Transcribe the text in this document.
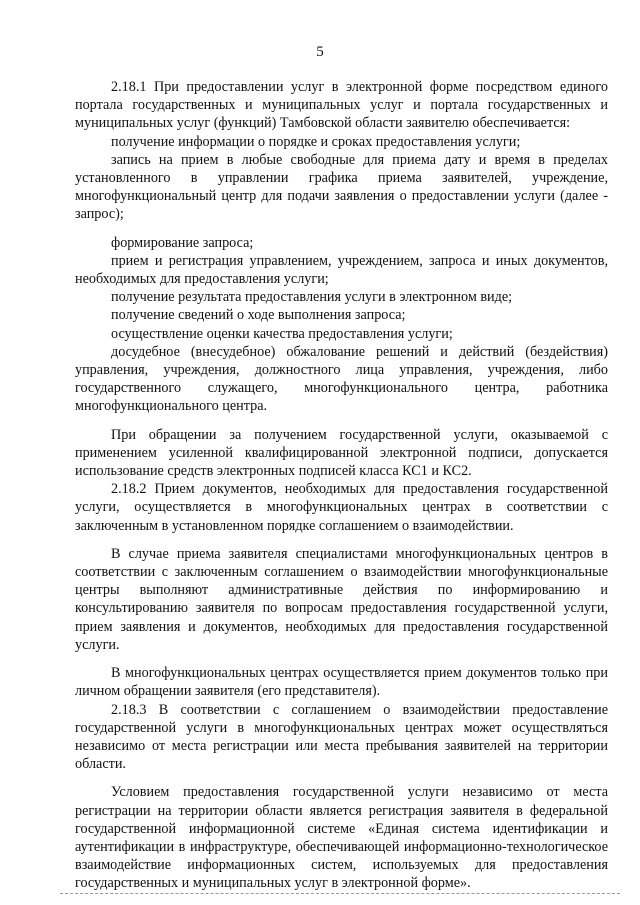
5

2.18.1 При предоставлении услуг в электронной форме посредством единого портала государственных и муниципальных услуг и портала государственных и муниципальных услуг (функций) Тамбовской области заявителю обеспечивается:

получение информации о порядке и сроках предоставления услуги;

запись на прием в любые свободные для приема дату и время в пределах установленного в управлении графика приема заявителей, учреждение, многофункциональный центр для подачи заявления о предоставлении услуги (далее - запрос);

формирование запроса;

прием и регистрация управлением, учреждением, запроса и иных документов, необходимых для предоставления услуги;

получение результата предоставления услуги в электронном виде;

получение сведений о ходе выполнения запроса;

осуществление оценки качества предоставления услуги;

досудебное (внесудебное) обжалование решений и действий (бездействия) управления, учреждения, должностного лица управления, учреждения, либо государственного служащего, многофункционального центра, работника многофункционального центра.

При обращении за получением государственной услуги, оказываемой с применением усиленной квалифицированной электронной подписи, допускается использование средств электронных подписей класса КС1 и КС2.

2.18.2 Прием документов, необходимых для предоставления государственной услуги, осуществляется в многофункциональных центрах в соответствии с заключенным в установленном порядке соглашением о взаимодействии.

В случае приема заявителя специалистами многофункциональных центров в соответствии с заключенным соглашением о взаимодействии многофункциональные центры выполняют административные действия по информированию и консультированию заявителя по вопросам предоставления государственной услуги, прием заявления и документов, необходимых для предоставления государственной услуги.

В многофункциональных центрах осуществляется прием документов только при личном обращении заявителя (его представителя).

2.18.3 В соответствии с соглашением о взаимодействии предоставление государственной услуги в многофункциональных центрах может осуществляться независимо от места регистрации или места пребывания заявителей на территории области.

Условием предоставления государственной услуги независимо от места регистрации на территории области является регистрация заявителя в федеральной государственной информационной системе «Единая система идентификации и аутентификации в инфраструктуре, обеспечивающей информационно-технологическое взаимодействие информационных систем, используемых для предоставления государственных и муниципальных услуг в электронной форме».
